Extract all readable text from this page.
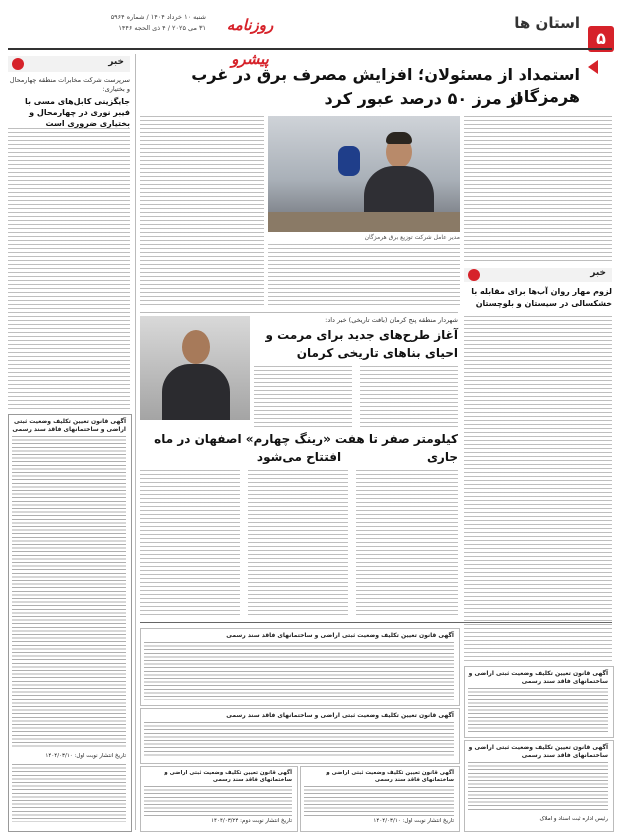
۵
استان ها
روزنامه پیشرو
شنبه ۱۰ خرداد ۱۴۰۴ / شماره ۵۹۶۴
۳۱ می ۲۰۲۵ / ۴ ذی الحجه ۱۴۴۶
خبر
سرپرست شرکت مخابرات منطقه چهارمحال و بختیاری:
جایگزینی کابل‌های مسی با فیبر نوری در چهارمحال و بختیاری ضروری است
آگهی قانون تعیین تکلیف وضعیت ثبتی اراضی و ساختمانهای فاقد سند رسمی
تاریخ انتشار نوبت اول: ۱۴۰۴/۰۳/۱۰
استمداد از مسئولان؛ افزایش مصرف برق در غرب هرمزگان
از مرز ۵۰ درصد عبور کرد
مدیر عامل شرکت توزیع برق هرمزگان
خبر
لزوم مهار روان آب‌ها برای مقابله با خشکسالی در سیستان و بلوچستان
شهردار منطقه پنج کرمان (بافت تاریخی) خبر داد:
آغاز طرح‌های جدید برای مرمت و
احیای بناهای تاریخی کرمان
کیلومتر صفر تا هفت «رینگ چهارم» اصفهان در ماه جاری
افتتاح می‌شود
آگهی قانون تعیین تکلیف وضعیت ثبتی اراضی و ساختمانهای فاقد سند رسمی
آگهی قانون تعیین تکلیف وضعیت ثبتی اراضی و ساختمانهای فاقد سند رسمی
آگهی قانون تعیین تکلیف وضعیت ثبتی اراضی و ساختمانهای فاقد سند رسمی
آگهی قانون تعیین تکلیف وضعیت ثبتی اراضی و ساختمانهای فاقد سند رسمی
رئیس اداره ثبت اسناد و املاک
آگهی قانون تعیین تکلیف وضعیت ثبتی اراضی و ساختمانهای فاقد سند رسمی
تاریخ انتشار نوبت دوم: ۱۴۰۴/۰۳/۲۴
آگهی قانون تعیین تکلیف وضعیت ثبتی اراضی و ساختمانهای فاقد سند رسمی
تاریخ انتشار نوبت اول: ۱۴۰۴/۰۳/۱۰
